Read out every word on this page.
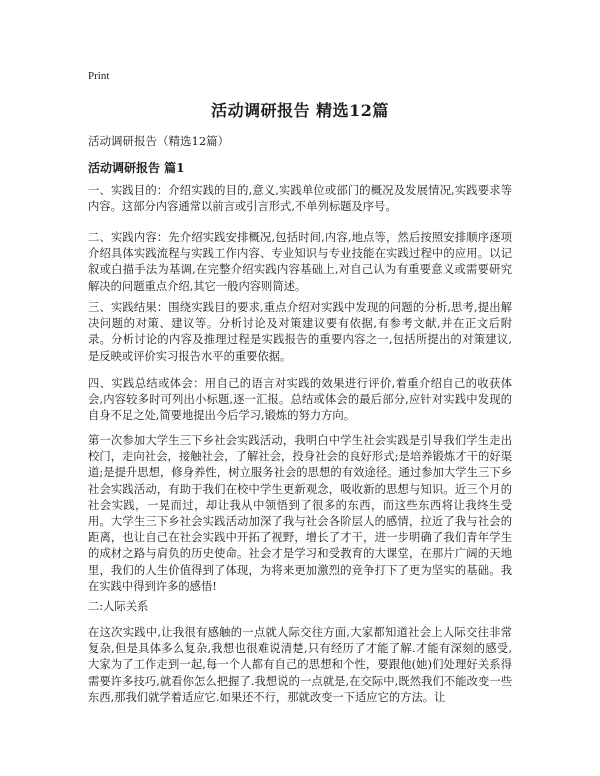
Print
活动调研报告 精选12篇

活动调研报告（精选12篇）

活动调研报告 篇1

一、实践目的：介绍实践的目的,意义,实践单位或部门的概况及发展情况,实践要求等内容。这部分内容通常以前言或引言形式,不单列标题及序号。

二、实践内容：先介绍实践安排概况,包括时间,内容,地点等，然后按照安排顺序逐项介绍具体实践流程与实践工作内容、专业知识与专业技能在实践过程中的应用。以记叙或白描手法为基调,在完整介绍实践内容基础上,对自己认为有重要意义或需要研究解决的问题重点介绍,其它一般内容则简述。

三、实践结果：围绕实践目的要求,重点介绍对实践中发现的问题的分析,思考,提出解决问题的对策、建议等。分析讨论及对策建议要有依据,有参考文献,并在正文后附录。分析讨论的内容及推理过程是实践报告的重要内容之一,包括所提出的对策建议,是反映或评价实习报告水平的重要依据。

四、实践总结或体会：用自己的语言对实践的效果进行评价,着重介绍自己的收获体会,内容较多时可列出小标题,逐一汇报。总结或体会的最后部分,应针对实践中发现的自身不足之处,简要地提出今后学习,锻炼的努力方向。

第一次参加大学生三下乡社会实践活动，我明白中学生社会实践是引导我们学生走出校门，走向社会，接触社会，了解社会，投身社会的良好形式;是培养锻炼才干的好渠道;是提升思想，修身养性，树立服务社会的思想的有效途径。通过参加大学生三下乡社会实践活动，有助于我们在校中学生更新观念，吸收新的思想与知识。近三个月的社会实践，一晃而过，却让我从中领悟到了很多的东西，而这些东西将让我终生受用。大学生三下乡社会实践活动加深了我与社会各阶层人的感情，拉近了我与社会的距离，也让自己在社会实践中开拓了视野，增长了才干，进一步明确了我们青年学生的成材之路与肩负的历史使命。社会才是学习和受教育的大课堂，在那片广阔的天地里，我们的人生价值得到了体现，为将来更加激烈的竞争打下了更为坚实的基础。我在实践中得到许多的感悟!

二:人际关系

在这次实践中,让我很有感触的一点就人际交往方面,大家都知道社会上人际交往非常复杂,但是具体多么复杂,我想也很难说清楚,只有经历了才能了解.才能有深刻的感受,大家为了工作走到一起,每一个人都有自己的思想和个性，要跟他(她)们处理好关系得需要许多技巧,就看你怎么把握了.我想说的一点就是,在交际中,既然我们不能改变一些东西,那我们就学着适应它.如果还不行，那就改变一下适应它的方法。让
